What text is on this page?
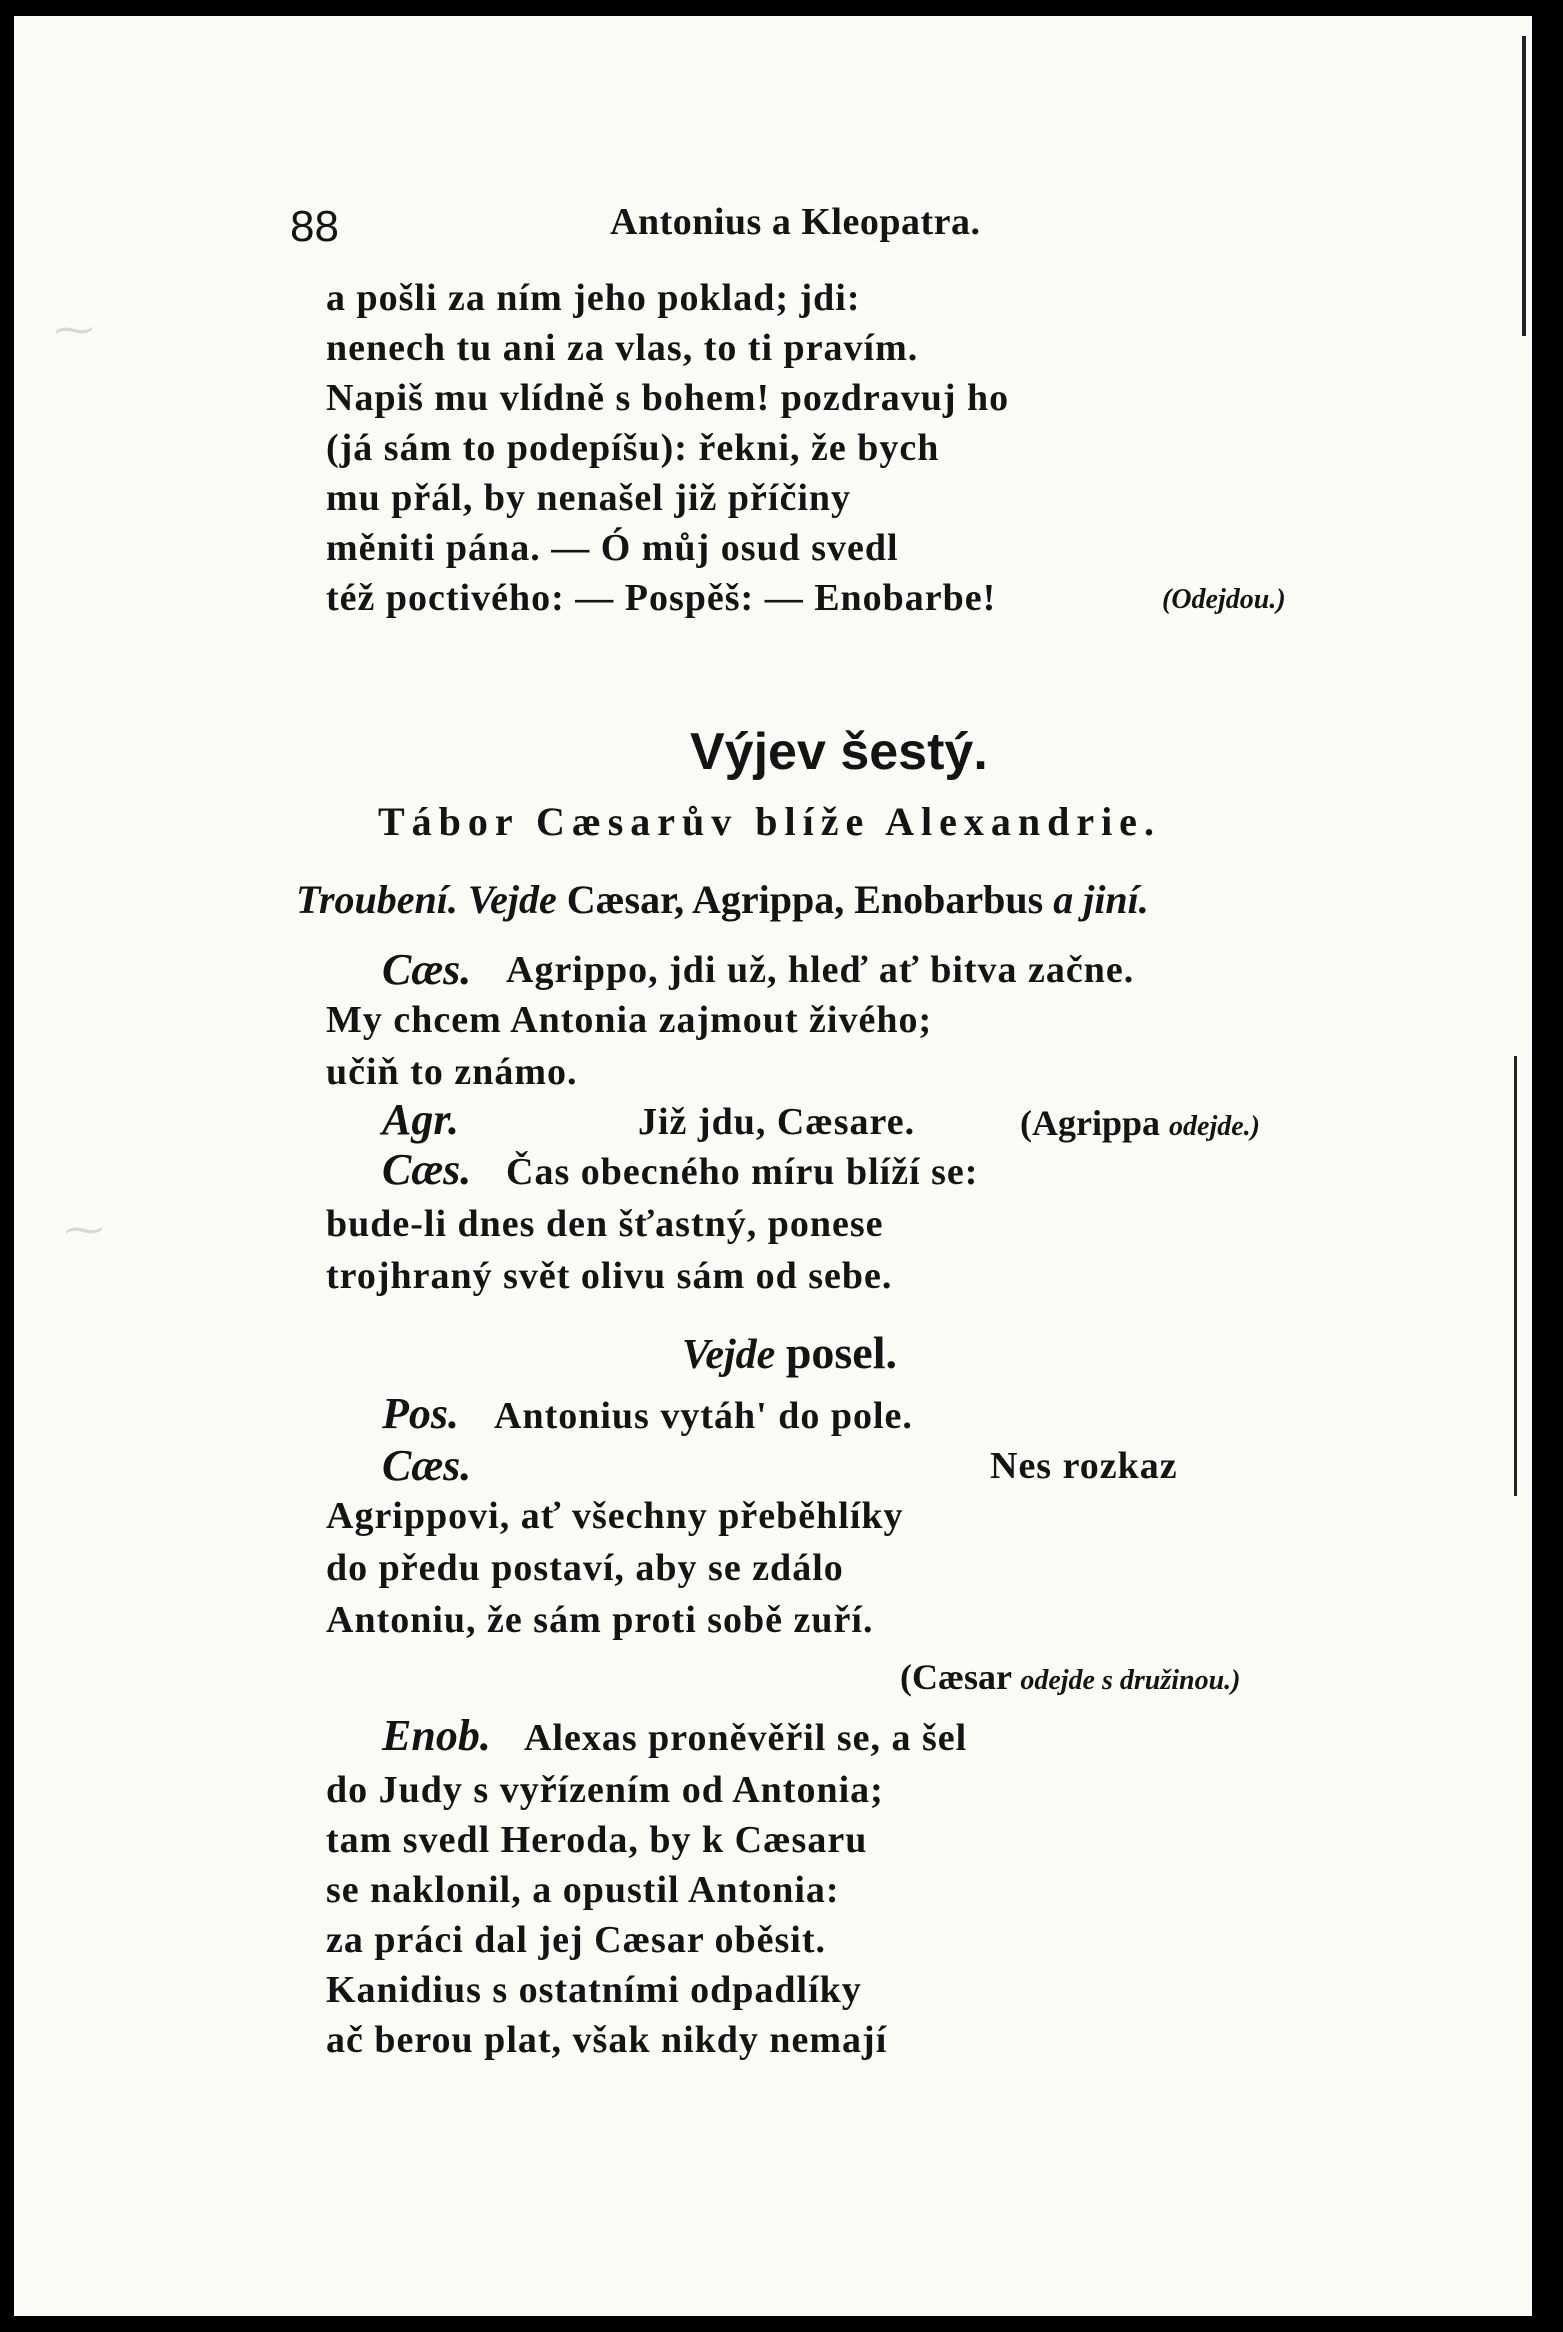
⁓
⁓
88	Antonius a Kleopatra.
a pošli za ním jeho poklad; jdi:
nenech tu ani za vlas, to ti pravím.
Napiš mu vlídně s bohem! pozdravuj ho
(já sám to podepíšu): řekni, že bych
mu přál, by nenašel již příčiny
měniti pána. — Ó můj osud svedl
též poctivého: — Pospěš: — Enobarbe!	(Odejdou.)
Výjev šestý.
Tábor Cæsarův blíže Alexandrie.
Troubení. Vejde Cæsar, Agrippa, Enobarbus a jiní.
Cæs. Agrippo, jdi už, hleď ať bitva začne.
My chcem Antonia zajmout živého;
učiň to známo.
Agr.	Již jdu, Cæsare.	(Agrippa odejde.)
Cæs. Čas obecného míru blíží se:
bude-li dnes den šťastný, ponese
trojhraný svět olivu sám od sebe.
Vejde posel.
Pos. Antonius vytáh' do pole.
Cæs.	Nes rozkaz
Agrippovi, ať všechny přeběhlíky
do předu postaví, aby se zdálo
Antoniu, že sám proti sobě zuří.
(Cæsar odejde s družinou.)
Enob. Alexas proněvěřil se, a šel
do Judy s vyřízením od Antonia;
tam svedl Heroda, by k Cæsaru
se naklonil, a opustil Antonia:
za práci dal jej Cæsar oběsit.
Kanidius s ostatními odpadlíky
ač berou plat, však nikdy nemají
